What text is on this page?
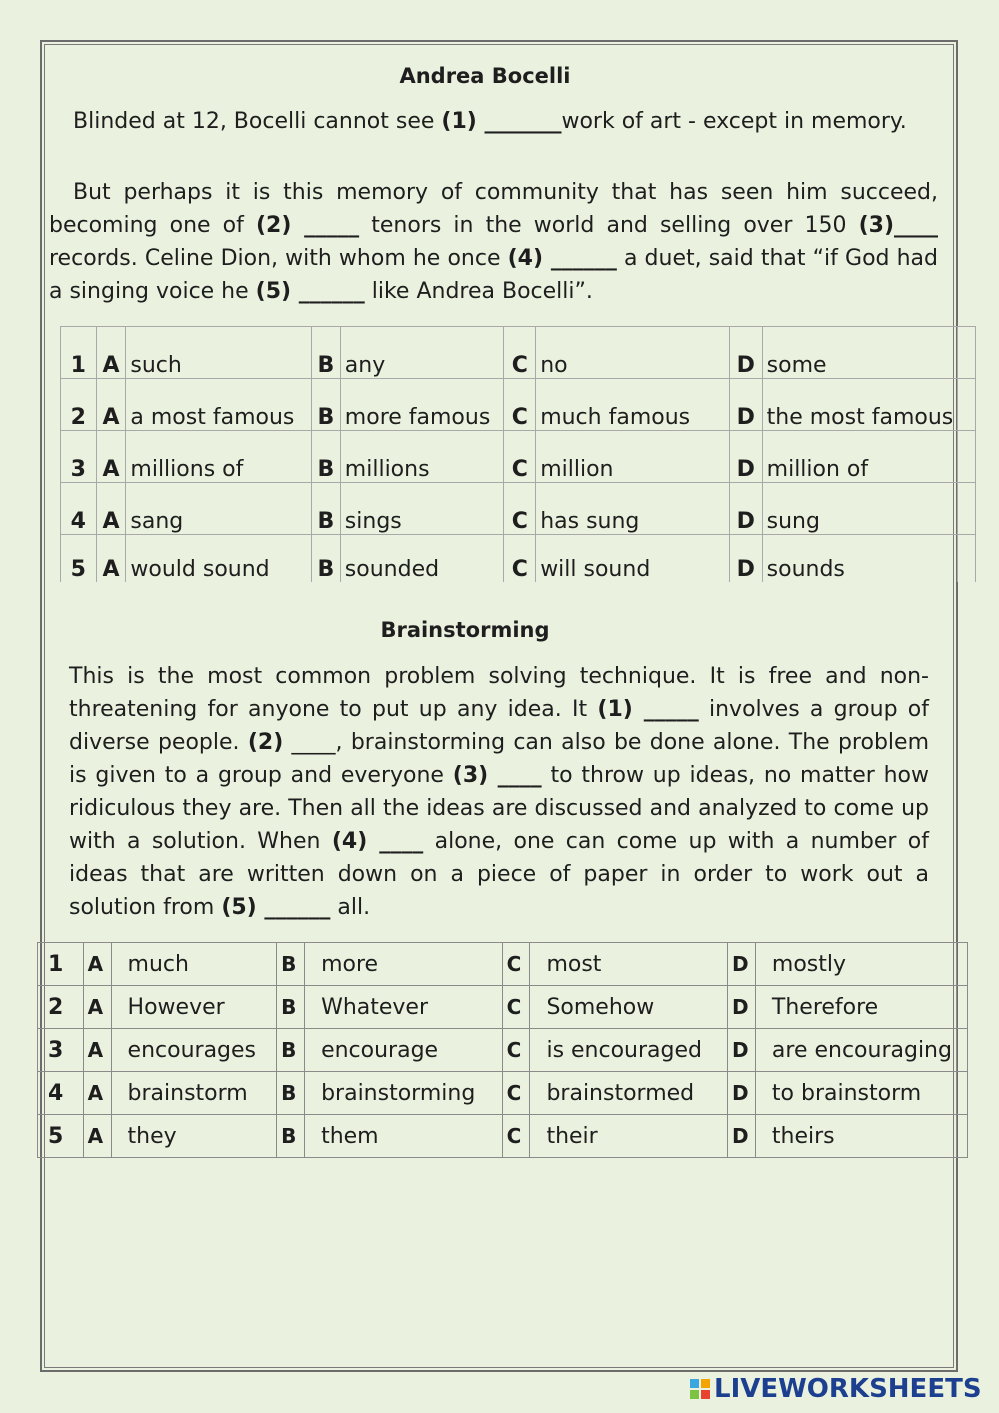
Andrea Bocelli

Blinded at 12, Bocelli cannot see (1) _______work of art - except in memory.

But perhaps it is this memory of community that has seen him succeed, becoming one of (2) _____ tenors in the world and selling over 150 (3)____ records. Celine Dion, with whom he once (4) ______ a duet, said that “if God had a singing voice he (5) ______ like Andrea Bocelli”.

1	A	such	B	any	C	no	D	some	
2	A	a most famous	B	more famous	C	much famous	D	the most famous	
3	A	millions of	B	millions	C	million	D	million of	
4	A	sang	B	sings	C	has sung	D	sung	
5	A	would sound	B	sounded	C	will sound	D	sounds	
Brainstorming

This is the most common problem solving technique. It is free and non-threatening for anyone to put up any idea. It (1) _____ involves a group of diverse people. (2) ____, brainstorming can also be done alone. The problem is given to a group and everyone (3) ____ to throw up ideas, no matter how ridiculous they are. Then all the ideas are discussed and analyzed to come up with a solution. When (4) ____ alone, one can come up with a number of ideas that are written down on a piece of paper in order to work out a solution from (5) ______ all.

1	A	much	B	more	C	most	D	mostly	
2	A	However	B	Whatever	C	Somehow	D	Therefore	
3	A	encourages	B	encourage	C	is encouraged	D	are encouraging	
4	A	brainstorm	B	brainstorming	C	brainstormed	D	to brainstorm	
5	A	they	B	them	C	their	D	theirs	
LIVEWORKSHEETS
